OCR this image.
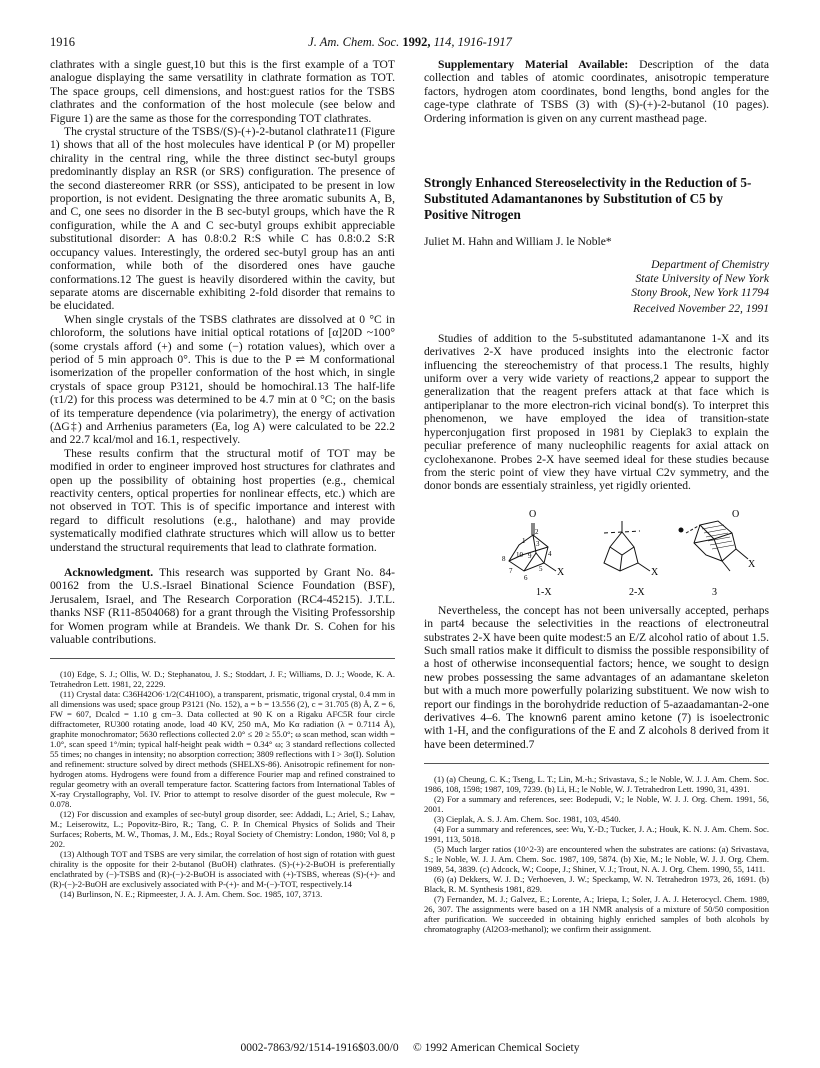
1916	J. Am. Chem. Soc. 1992, 114, 1916-1917

clathrates with a single guest,10 but this is the first example of a TOT analogue displaying the same versatility in clathrate formation as TOT. The space groups, cell dimensions, and host:guest ratios for the TSBS clathrates and the conformation of the host molecule (see below and Figure 1) are the same as those for the corresponding TOT clathrates.

The crystal structure of the TSBS/(S)-(+)-2-butanol clathrate11 (Figure 1) shows that all of the host molecules have identical P (or M) propeller chirality in the central ring, while the three distinct sec-butyl groups predominantly display an RSR (or SRS) configuration. The presence of the second diastereomer RRR (or SSS), anticipated to be present in low proportion, is not evident. Designating the three aromatic subunits A, B, and C, one sees no disorder in the B sec-butyl groups, which have the R configuration, while the A and C sec-butyl groups exhibit appreciable substitutional disorder: A has 0.8:0.2 R:S while C has 0.8:0.2 S:R occupancy values. Interestingly, the ordered sec-butyl group has an anti conformation, while both of the disordered ones have gauche conformations.12 The guest is heavily disordered within the cavity, but separate atoms are discernable exhibiting 2-fold disorder that remains to be elucidated.

When single crystals of the TSBS clathrates are dissolved at 0 °C in chloroform, the solutions have initial optical rotations of [α]20D ~100° (some crystals afford (+) and some (−) rotation values), which over a period of 5 min approach 0°. This is due to the P ⇌ M conformational isomerization of the propeller conformation of the host which, in single crystals of space group P3121, should be homochiral.13 The half-life (τ1/2) for this process was determined to be 4.7 min at 0 °C; on the basis of its temperature dependence (via polarimetry), the energy of activation (ΔG‡) and Arrhenius parameters (Ea, log A) were calculated to be 22.2 and 22.7 kcal/mol and 16.1, respectively.

These results confirm that the structural motif of TOT may be modified in order to engineer improved host structures for clathrates and open up the possibility of obtaining host properties (e.g., chemical reactivity centers, optical properties for nonlinear effects, etc.) which are not observed in TOT. This is of specific importance and interest with regard to difficult resolutions (e.g., halothane) and may provide systematically modified clathrate structures which will allow us to better understand the structural requirements that lead to clathrate formation.

Acknowledgment. This research was supported by Grant No. 84-00162 from the U.S.-Israel Binational Science Foundation (BSF), Jerusalem, Israel, and The Research Corporation (RC4-45215). J.T.L. thanks NSF (R11-8504068) for a grant through the Visiting Professorship for Women program while at Brandeis. We thank Dr. S. Cohen for his valuable contributions.

(10) Edge, S. J.; Ollis, W. D.; Stephanatou, J. S.; Stoddart, J. F.; Williams, D. J.; Woode, K. A. Tetrahedron Lett. 1981, 22, 2229.

(11) Crystal data: C36H42O6·1/2(C4H10O), a transparent, prismatic, trigonal crystal, 0.4 mm in all dimensions was used; space group P3121 (No. 152), a = b = 13.556 (2), c = 31.705 (8) Å, Z = 6, FW = 607, Dcalcd = 1.10 g cm−3. Data collected at 90 K on a Rigaku AFC5R four circle diffractometer, RU300 rotating anode, load 40 KV, 250 mA, Mo Kα radiation (λ = 0.7114 Å), graphite monochromator; 5630 reflections collected 2.0° ≤ 2θ ≥ 55.0°; ω scan method, scan width = 1.0°, scan speed 1°/min; typical half-height peak width = 0.34° ω; 3 standard reflections collected 55 times; no changes in intensity; no absorption correction; 3809 reflections with I > 3σ(I). Solution and refinement: structure solved by direct methods (SHELXS-86). Anisotropic refinement for non-hydrogen atoms. Hydrogens were found from a difference Fourier map and refined constrained to regular geometry with an overall temperature factor. Scattering factors from International Tables of X-ray Crystallography, Vol. IV. Prior to attempt to resolve disorder of the guest molecule, Rw = 0.078.

(12) For discussion and examples of sec-butyl group disorder, see: Addadi, L.; Ariel, S.; Lahav, M.; Leiserowitz, L.; Popovitz-Biro, R.; Tang, C. P. In Chemical Physics of Solids and Their Surfaces; Roberts, M. W., Thomas, J. M., Eds.; Royal Society of Chemistry: London, 1980; Vol 8, p 202.

(13) Although TOT and TSBS are very similar, the correlation of host sign of rotation with guest chirality is the opposite for their 2-butanol (BuOH) clathrates. (S)-(+)-2-BuOH is preferentially enclathrated by (−)-TSBS and (R)-(−)-2-BuOH is associated with (+)-TSBS, whereas (S)-(+)- and (R)-(−)-2-BuOH are exclusively associated with P-(+)- and M-(−)-TOT, respectively.14

(14) Burlinson, N. E.; Ripmeester, J. A. J. Am. Chem. Soc. 1985, 107, 3713.

Supplementary Material Available: Description of the data collection and tables of atomic coordinates, anisotropic temperature factors, hydrogen atom coordinates, bond lengths, bond angles for the cage-type clathrate of TSBS (3) with (S)-(+)-2-butanol (10 pages). Ordering information is given on any current masthead page.

Strongly Enhanced Stereoselectivity in the Reduction of 5-Substituted Adamantanones by Substitution of C5 by Positive Nitrogen
Juliet M. Hahn and William J. le Noble*
Department of Chemistry
State University of New York
Stony Brook, New York 11794
Received November 22, 1991

Studies of addition to the 5-substituted adamantanone 1-X and its derivatives 2-X have produced insights into the electronic factor influencing the stereochemistry of that process.1 The results, highly uniform over a very wide variety of reactions,2 appear to support the generalization that the reagent prefers attack at that face which is antiperiplanar to the more electron-rich vicinal bond(s). To interpret this phenomenon, we have employed the idea of transition-state hyperconjugation first proposed in 1981 by Cieplak3 to explain the peculiar preference of many nucleophilic reagents for axial attack on cyclohexanone. Probes 2-X have seemed ideal for these studies because from the steric point of view they have virtual C2v symmetry, and the donor bonds are essentialy strainless, yet rigidly oriented.

O
X
2
1 3
4
5
6
7
8	9
10
1-X
X
2-X
O
X
3

Nevertheless, the concept has not been universally accepted, perhaps in part4 because the selectivities in the reactions of electroneutral substrates 2-X have been quite modest:5 an E/Z alcohol ratio of about 1.5. Such small ratios make it difficult to dismiss the possible responsibility of a host of otherwise inconsequential factors; hence, we sought to design new probes possessing the same advantages of an adamantane skeleton but with a much more powerfully polarizing substituent. We now wish to report our findings in the borohydride reduction of 5-azaadamantan-2-one derivatives 4–6. The known6 parent amino ketone (7) is isoelectronic with 1-H, and the configurations of the E and Z alcohols 8 derived from it have been determined.7

(1) (a) Cheung, C. K.; Tseng, L. T.; Lin, M.-h.; Srivastava, S.; le Noble, W. J. J. Am. Chem. Soc. 1986, 108, 1598; 1987, 109, 7239. (b) Li, H.; le Noble, W. J. Tetrahedron Lett. 1990, 31, 4391.

(2) For a summary and references, see: Bodepudi, V.; le Noble, W. J. J. Org. Chem. 1991, 56, 2001.

(3) Cieplak, A. S. J. Am. Chem. Soc. 1981, 103, 4540.

(4) For a summary and references, see: Wu, Y.-D.; Tucker, J. A.; Houk, K. N. J. Am. Chem. Soc. 1991, 113, 5018.

(5) Much larger ratios (10^2-3) are encountered when the substrates are cations: (a) Srivastava, S.; le Noble, W. J. J. Am. Chem. Soc. 1987, 109, 5874. (b) Xie, M.; le Noble, W. J. J. Org. Chem. 1989, 54, 3839. (c) Adcock, W.; Coope, J.; Shiner, V. J.; Trout, N. A. J. Org. Chem. 1990, 55, 1411.

(6) (a) Dekkers, W. J. D.; Verhoeven, J. W.; Speckamp, W. N. Tetrahedron 1973, 26, 1691. (b) Black, R. M. Synthesis 1981, 829.

(7) Fernandez, M. J.; Galvez, E.; Lorente, A.; Iriepa, I.; Soler, J. A. J. Heterocycl. Chem. 1989, 26, 307. The assignments were based on a 1H NMR analysis of a mixture of 50/50 composition after purification. We succeeded in obtaining highly enriched samples of both alcohols by chromatography (Al2O3-methanol); we confirm their assignment.

0002-7863/92/1514-1916$03.00/0 © 1992 American Chemical Society
